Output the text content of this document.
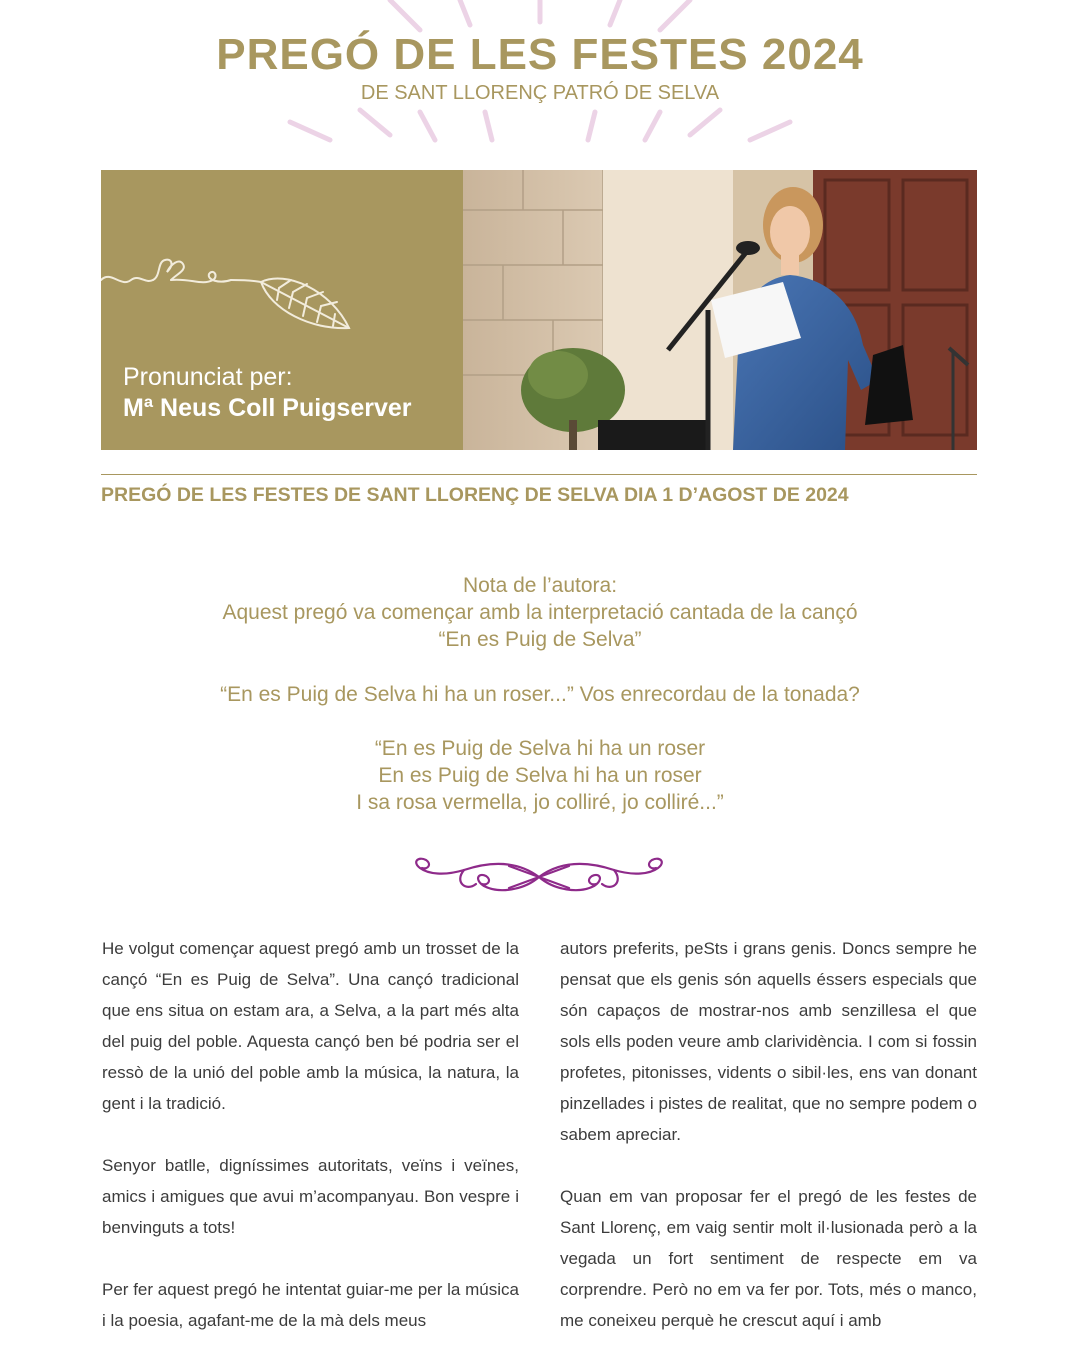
PREGÓ DE LES FESTES 2024
DE SANT LLORENÇ PATRÓ DE SELVA
Pronunciat per:
Mª Neus Coll Puigserver
PREGÓ DE LES FESTES DE SANT LLORENÇ DE SELVA DIA 1 D’AGOST DE 2024
Nota de l’autora:
Aquest pregó va començar amb la interpretació cantada de la cançó
“En es Puig de Selva”
“En es Puig de Selva hi ha un roser...” Vos enrecordau de la tonada?
“En es Puig de Selva hi ha un roser
En es Puig de Selva hi ha un roser
I sa rosa vermella, jo colliré, jo colliré...”

He volgut començar aquest pregó amb un trosset de la cançó “En es Puig de Selva”. Una cançó tradicional que ens situa on estam ara, a Selva, a la part més alta del puig del poble. Aquesta cançó ben bé podria ser el ressò de la unió del poble amb la música, la natura, la gent i la tradició.

Senyor batlle, digníssimes autoritats, veïns i veïnes, amics i amigues que avui m’acompanyau. Bon vespre i benvinguts a tots!

Per fer aquest pregó he intentat guiar-me per la música i la poesia, agafant-me de la mà dels meus

autors preferits, peSts i grans genis. Doncs sempre he pensat que els genis són aquells éssers especials que són capaços de mostrar-nos amb senzillesa el que sols ells poden veure amb clarividència. I com si fossin profetes, pitonisses, vidents o sibil·les, ens van donant pinzellades i pistes de realitat, que no sempre podem o sabem apreciar.

Quan em van proposar fer el pregó de les festes de Sant Llorenç, em vaig sentir molt il·lusionada però a la vegada un fort sentiment de respecte em va corprendre. Però no em va fer por. Tots, més o manco, me coneixeu perquè he crescut aquí i amb
